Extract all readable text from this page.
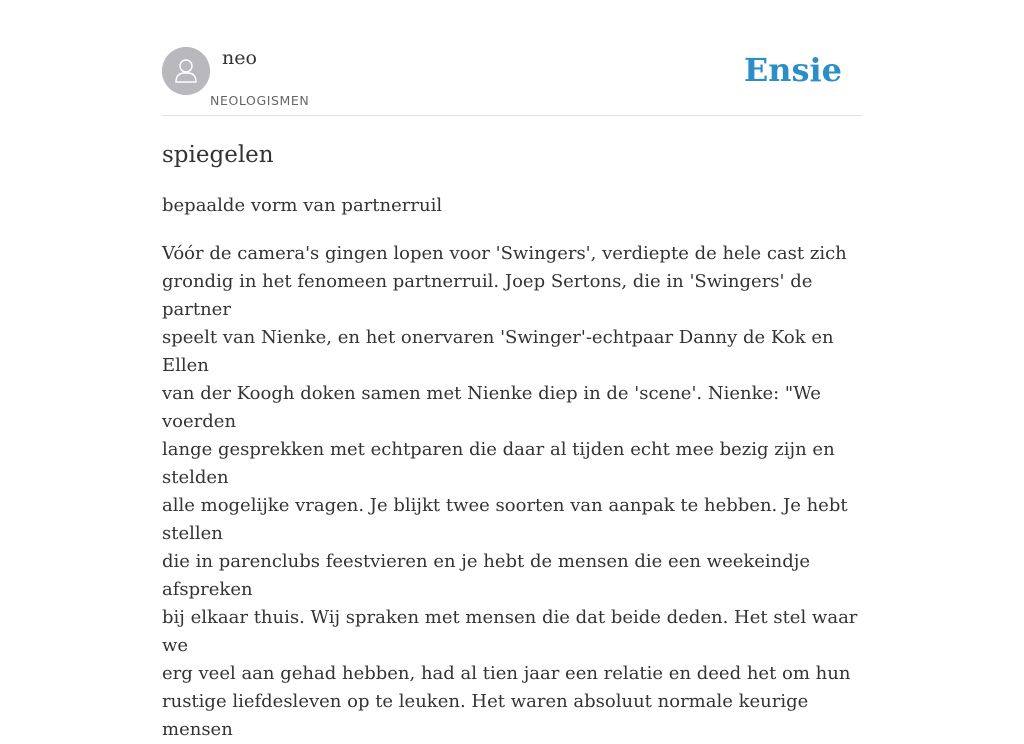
neo
NEOLOGISMEN
Ensie
spiegelen

bepaalde vorm van partnerruil

Vóór de camera's gingen lopen voor 'Swingers', verdiepte de hele cast zich
grondig in het fenomeen partnerruil. Joep Sertons, die in 'Swingers' de partner
speelt van Nienke, en het onervaren 'Swinger'-echtpaar Danny de Kok en Ellen
van der Koogh doken samen met Nienke diep in de 'scene'. Nienke: "We voerden
lange gesprekken met echtparen die daar al tijden echt mee bezig zijn en stelden
alle mogelijke vragen. Je blijkt twee soorten van aanpak te hebben. Je hebt stellen
die in parenclubs feestvieren en je hebt de mensen die een weekeindje afspreken
bij elkaar thuis. Wij spraken met mensen die dat beide deden. Het stel waar we
erg veel aan gehad hebben, had al tien jaar een relatie en deed het om hun
rustige liefdesleven op te leuken. Het waren absoluut normale keurige mensen
